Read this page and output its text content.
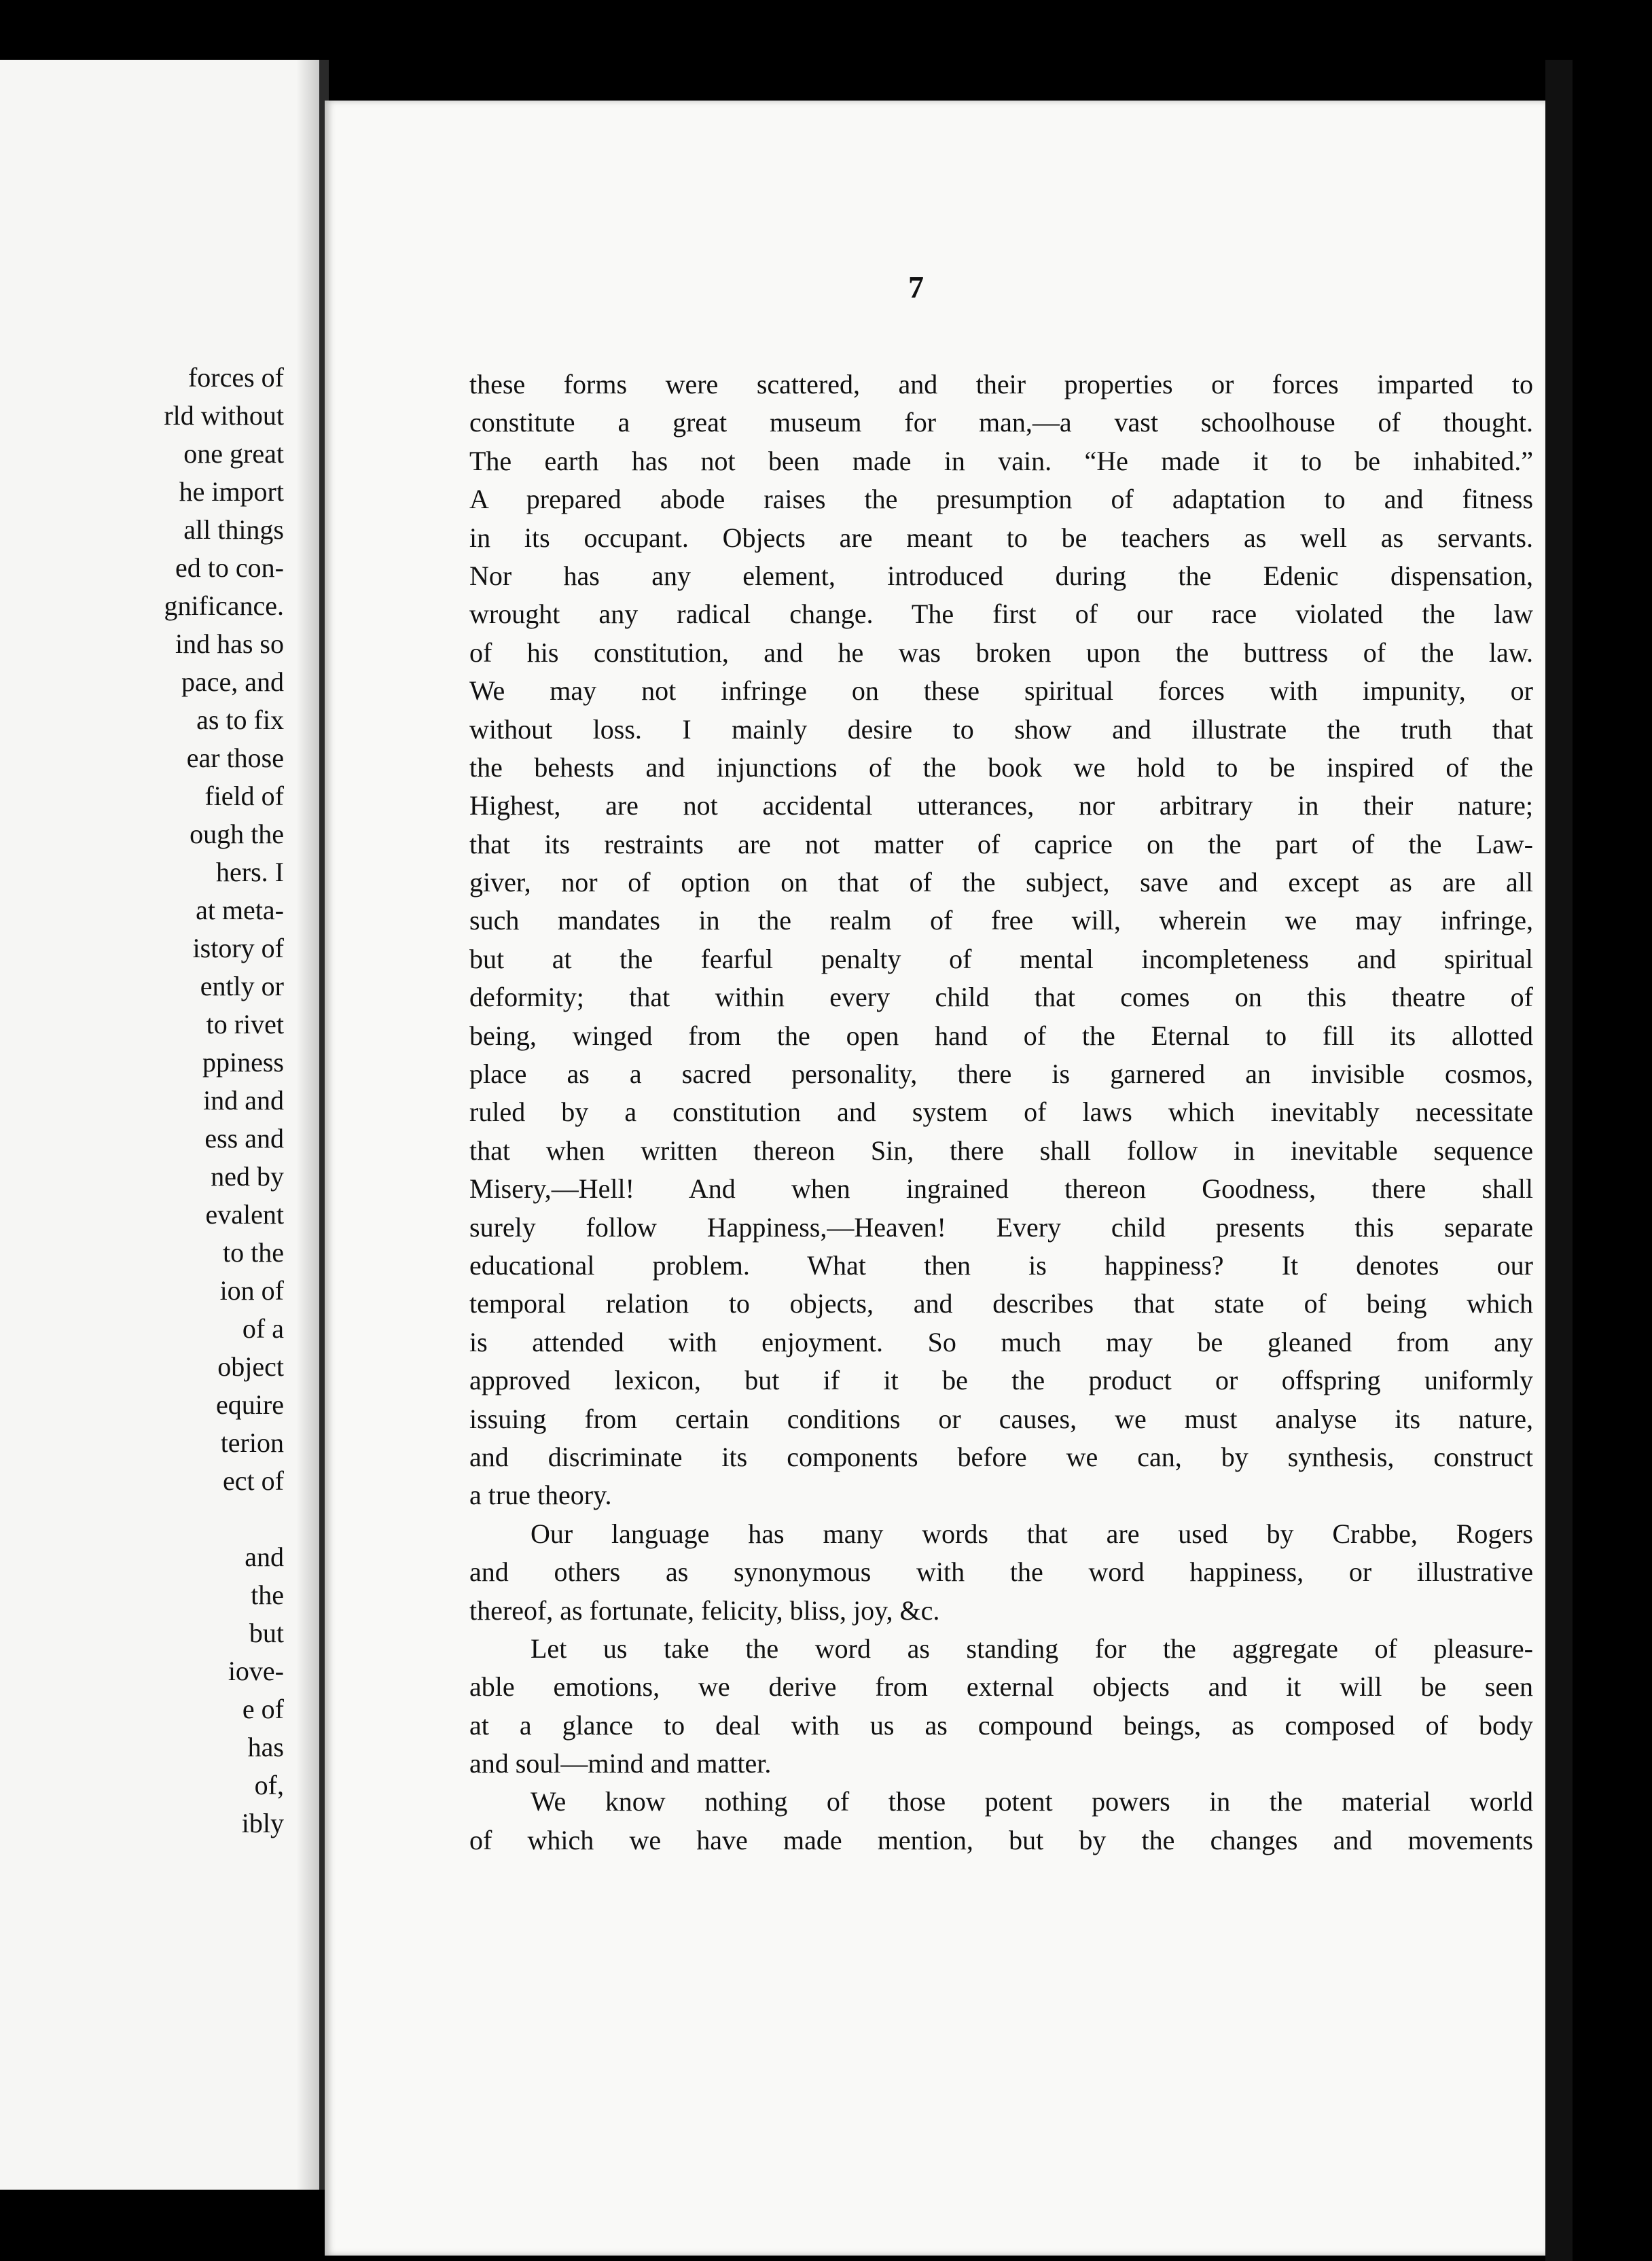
forces of
rld without
one great
he import
all things
ed to con-
gnificance.
ind has so
pace, and
as to fix
ear those
field of
ough the
hers. I
at meta-
istory of
ently or
to rivet
ppiness
ind and
ess and
ned by
evalent
to the
ion of
of a
object
equire
terion
ect of
and
the
but
iove-
e of
has
of,
ibly
7
these forms were scattered, and their properties or forces imparted to
constitute a great museum for man,—a vast schoolhouse of thought.
The earth has not been made in vain. “He made it to be inhabited.”
A prepared abode raises the presumption of adaptation to and fitness
in its occupant. Objects are meant to be teachers as well as servants.
Nor has any element, introduced during the Edenic dispensation,
wrought any radical change. The first of our race violated the law
of his constitution, and he was broken upon the buttress of the law.
We may not infringe on these spiritual forces with impunity, or
without loss. I mainly desire to show and illustrate the truth that
the behests and injunctions of the book we hold to be inspired of the
Highest, are not accidental utterances, nor arbitrary in their nature;
that its restraints are not matter of caprice on the part of the Law-
giver, nor of option on that of the subject, save and except as are all
such mandates in the realm of free will, wherein we may infringe,
but at the fearful penalty of mental incompleteness and spiritual
deformity; that within every child that comes on this theatre of
being, winged from the open hand of the Eternal to fill its allotted
place as a sacred personality, there is garnered an invisible cosmos,
ruled by a constitution and system of laws which inevitably necessitate
that when written thereon Sin, there shall follow in inevitable sequence
Misery,—Hell! And when ingrained thereon Goodness, there shall
surely follow Happiness,—Heaven! Every child presents this separate
educational problem. What then is happiness? It denotes our
temporal relation to objects, and describes that state of being which
is attended with enjoyment. So much may be gleaned from any
approved lexicon, but if it be the product or offspring uniformly
issuing from certain conditions or causes, we must analyse its nature,
and discriminate its components before we can, by synthesis, construct
a true theory.
Our language has many words that are used by Crabbe, Rogers
and others as synonymous with the word happiness, or illustrative
thereof, as fortunate, felicity, bliss, joy, &c.
Let us take the word as standing for the aggregate of pleasure-
able emotions, we derive from external objects and it will be seen
at a glance to deal with us as compound beings, as composed of body
and soul—mind and matter.
We know nothing of those potent powers in the material world
of which we have made mention, but by the changes and movements
